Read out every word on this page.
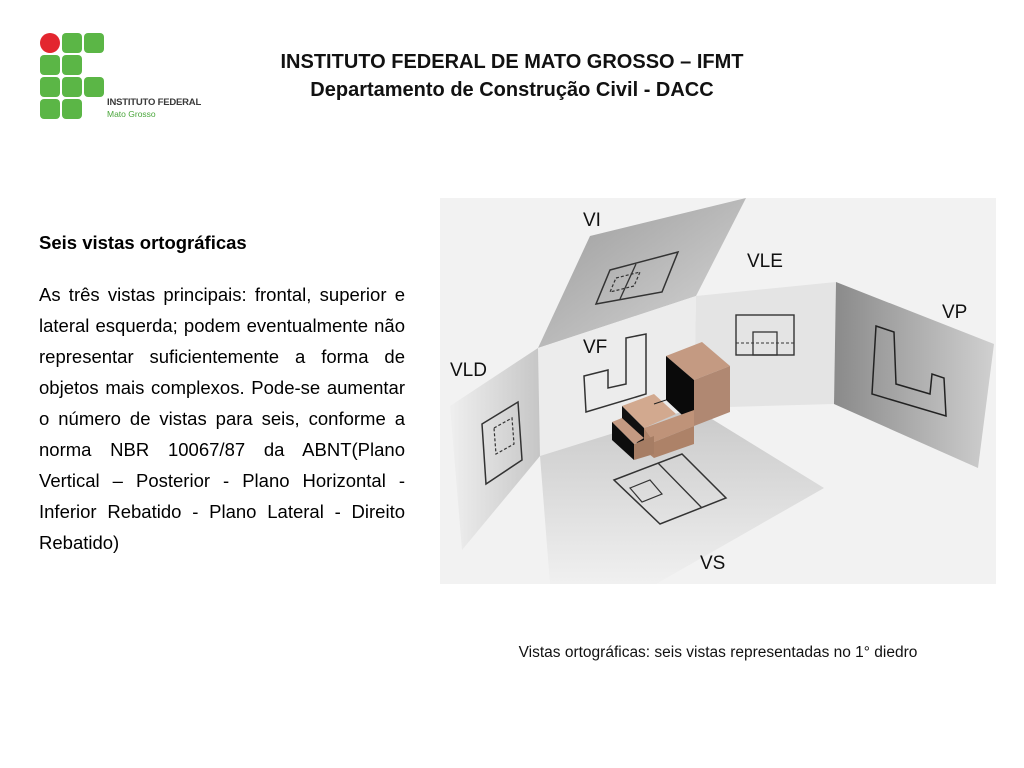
INSTITUTO FEDERAL
Mato Grosso
INSTITUTO FEDERAL DE MATO GROSSO – IFMT
Departamento de Construção Civil - DACC
Seis vistas ortográficas

As três vistas principais: frontal, superior e lateral esquerda; podem eventualmente não representar suficientemente a forma de objetos mais complexos. Pode-se aumentar o número de vistas para seis, conforme a norma NBR 10067/87 da ABNT(Plano Vertical – Posterior - Plano Horizontal - Inferior Rebatido - Plano Lateral - Direito Rebatido)

VI
VLE
VP
VF
VLD
VS
Vistas ortográficas: seis vistas representadas no 1° diedro
